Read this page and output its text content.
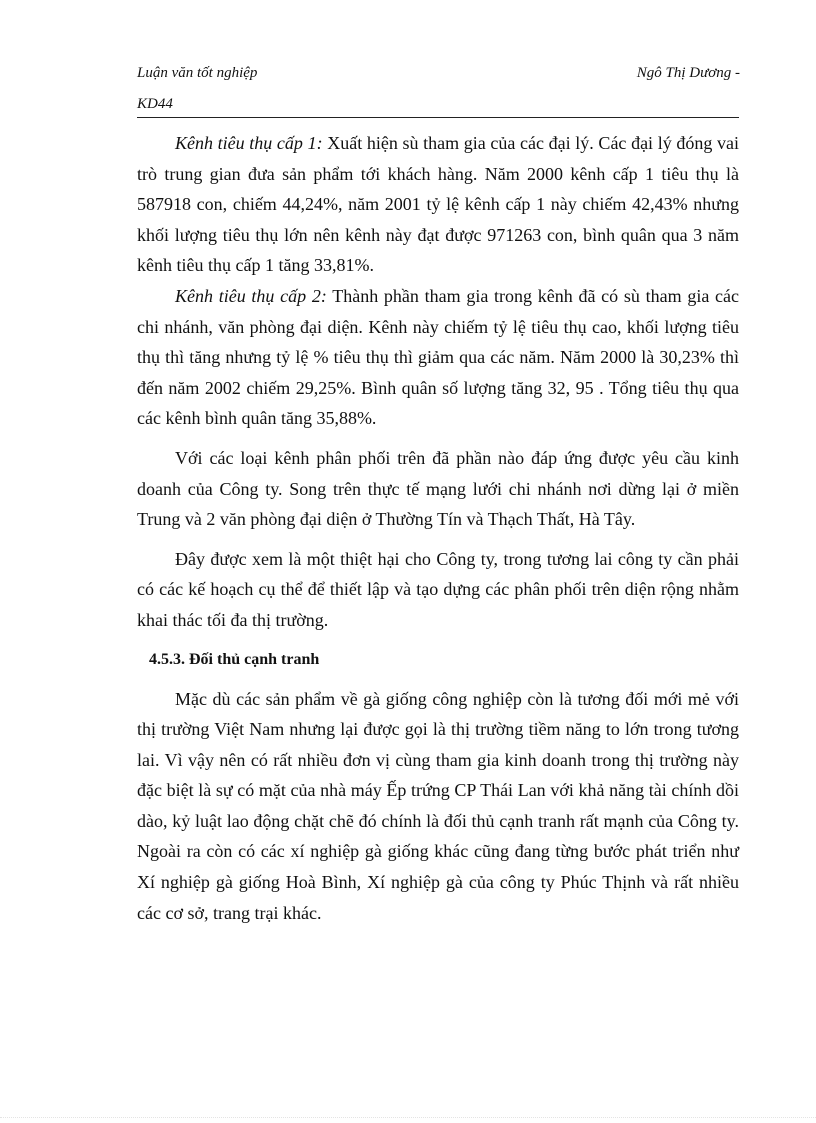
Luận văn tốt nghiệp	Ngô Thị Dương -
KD44

Kênh tiêu thụ cấp 1: Xuất hiện sù tham gia của các đại lý. Các đại lý đóng vai trò trung gian đưa sản phẩm tới khách hàng. Năm 2000 kênh cấp 1 tiêu thụ là 587918 con, chiếm 44,24%, năm 2001 tỷ lệ kênh cấp 1 này chiếm 42,43% nhưng khối lượng tiêu thụ lớn nên kênh này đạt được 971263 con, bình quân qua 3 năm kênh tiêu thụ cấp 1 tăng 33,81%.

Kênh tiêu thụ cấp 2: Thành phần tham gia trong kênh đã có sù tham gia các chi nhánh, văn phòng đại diện. Kênh này chiếm tỷ lệ tiêu thụ cao, khối lượng tiêu thụ thì tăng nhưng tỷ lệ % tiêu thụ thì giảm qua các năm. Năm 2000 là 30,23% thì đến năm 2002 chiếm 29,25%. Bình quân số lượng tăng 32, 95 . Tổng tiêu thụ qua các kênh bình quân tăng 35,88%.

Với các loại kênh phân phối trên đã phần nào đáp ứng được yêu cầu kinh doanh của Công ty. Song trên thực tế mạng lưới chi nhánh nơi dừng lại ở miền Trung và 2 văn phòng đại diện ở Thường Tín và Thạch Thất, Hà Tây.

Đây được xem là một thiệt hại cho Công ty, trong tương lai công ty cần phải có các kế hoạch cụ thể để thiết lập và tạo dựng các phân phối trên diện rộng nhằm khai thác tối đa thị trường.

4.5.3. Đối thủ cạnh tranh

Mặc dù các sản phẩm về gà giống công nghiệp còn là tương đối mới mẻ với thị trường Việt Nam nhưng lại được gọi là thị trường tiềm năng to lớn trong tương lai. Vì vậy nên có rất nhiều đơn vị cùng tham gia kinh doanh trong thị trường này đặc biệt là sự có mặt của nhà máy Ếp trứng CP Thái Lan với khả năng tài chính dồi dào, kỷ luật lao động chặt chẽ đó chính là đối thủ cạnh tranh rất mạnh của Công ty. Ngoài ra còn có các xí nghiệp gà giống khác cũng đang từng bước phát triển như Xí nghiệp gà giống Hoà Bình, Xí nghiệp gà của công ty Phúc Thịnh và rất nhiều các cơ sở, trang trại khác.
